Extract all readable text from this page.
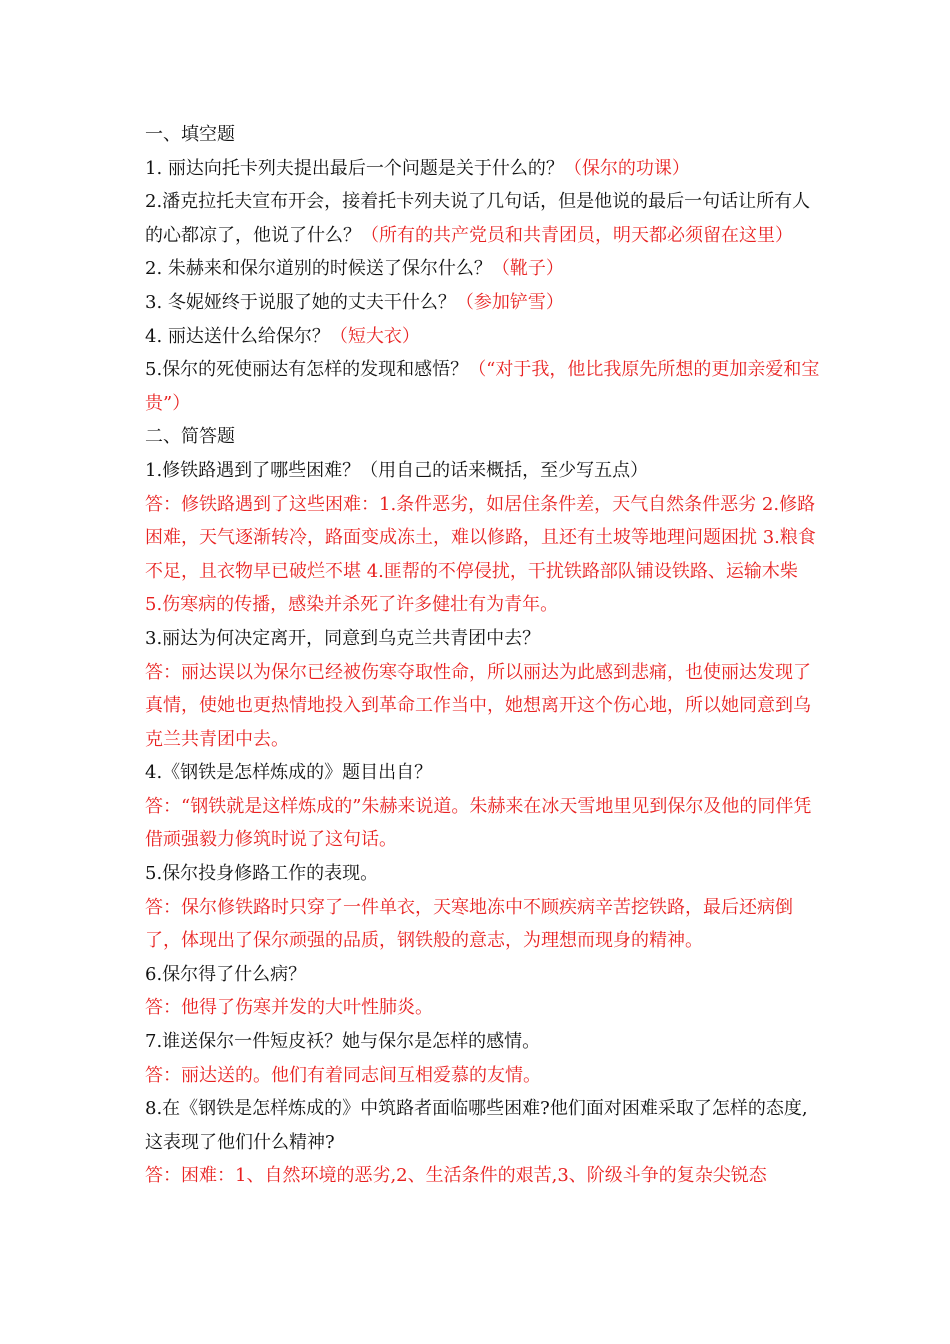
一、填空题
1. 丽达向托卡列夫提出最后一个问题是关于什么的？（保尔的功课）
2.潘克拉托夫宣布开会，接着托卡列夫说了几句话，但是他说的最后一句话让所有人的心都凉了，他说了什么？（所有的共产党员和共青团员，明天都必须留在这里）
2. 朱赫来和保尔道别的时候送了保尔什么？（靴子）
3. 冬妮娅终于说服了她的丈夫干什么？（参加铲雪）
4. 丽达送什么给保尔？（短大衣）
5.保尔的死使丽达有怎样的发现和感悟？（“对于我，他比我原先所想的更加亲爱和宝贵”）
二、简答题
1.修铁路遇到了哪些困难？（用自己的话来概括，至少写五点）
答：修铁路遇到了这些困难：1.条件恶劣，如居住条件差，天气自然条件恶劣 2.修路困难，天气逐渐转冷，路面变成冻土，难以修路，且还有土坡等地理问题困扰 3.粮食不足，且衣物早已破烂不堪 4.匪帮的不停侵扰，干扰铁路部队铺设铁路、运输木柴 5.伤寒病的传播，感染并杀死了许多健壮有为青年。
3.丽达为何决定离开，同意到乌克兰共青团中去？
答：丽达误以为保尔已经被伤寒夺取性命，所以丽达为此感到悲痛，也使丽达发现了真情，使她也更热情地投入到革命工作当中，她想离开这个伤心地，所以她同意到乌克兰共青团中去。
4.《钢铁是怎样炼成的》题目出自？
答：“钢铁就是这样炼成的”朱赫来说道。朱赫来在冰天雪地里见到保尔及他的同伴凭借顽强毅力修筑时说了这句话。
5.保尔投身修路工作的表现。
答：保尔修铁路时只穿了一件单衣，天寒地冻中不顾疾病辛苦挖铁路，最后还病倒了，体现出了保尔顽强的品质，钢铁般的意志，为理想而现身的精神。
6.保尔得了什么病？
答：他得了伤寒并发的大叶性肺炎。
7.谁送保尔一件短皮袄？她与保尔是怎样的感情。
答：丽达送的。他们有着同志间互相爱慕的友情。
8.在《钢铁是怎样炼成的》中筑路者面临哪些困难?他们面对困难采取了怎样的态度,这表现了他们什么精神?
答：困难：1、自然环境的恶劣,2、生活条件的艰苦,3、阶级斗争的复杂尖锐态
